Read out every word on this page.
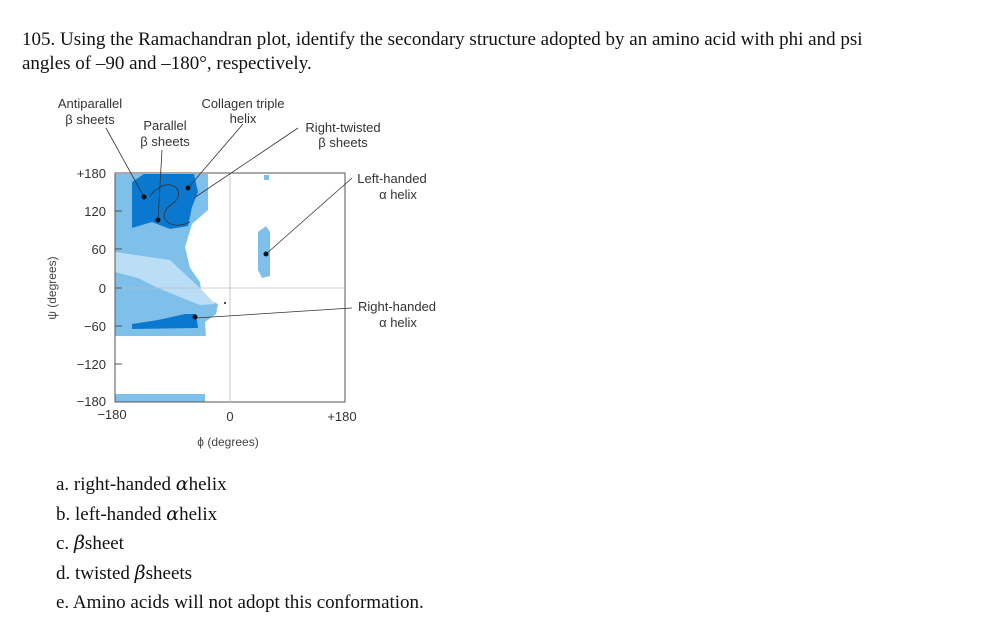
105. Using the Ramachandran plot, identify the secondary structure adopted by an amino acid with phi and psi
angles of –90 and –180°, respectively.

+180
120
60
0
−60
−120
−180
−180	0	+180
ϕ (degrees)
ψ (degrees)
Antiparallel
β sheets Parallel
β sheets
Collagen triple
helix
Right-twisted
β sheets
Left-handed
α helix
Right-handed
α helix
a. right-handed αhelix
b. left-handed αhelix
c. βsheet
d. twisted βsheets
e. Amino acids will not adopt this conformation.
